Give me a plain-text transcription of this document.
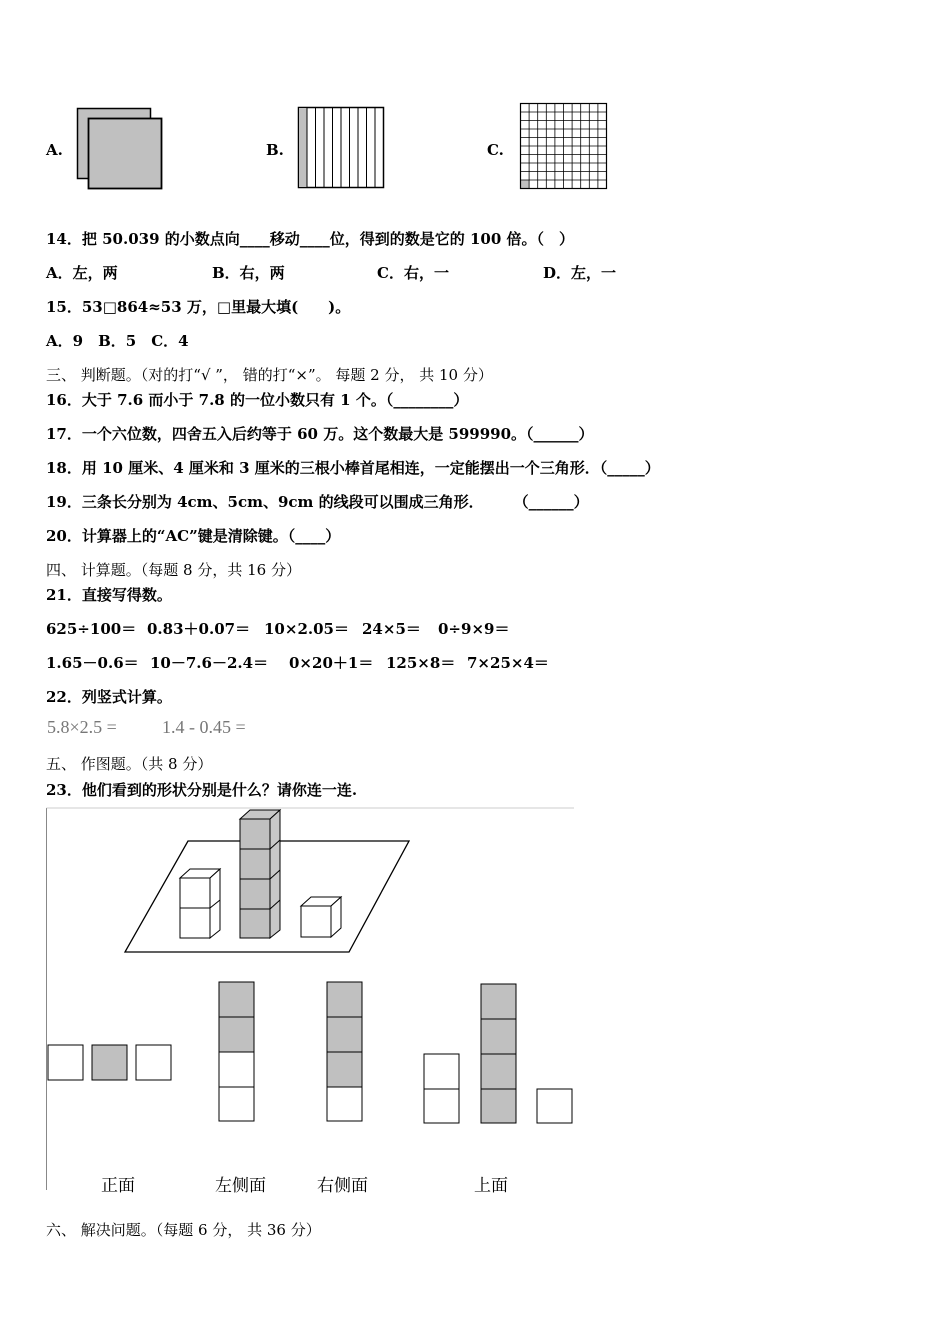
A.	B.	C.
14．把 50.039 的小数点向____移动____位，得到的数是它的 100 倍。（　）
A．左，两	B．右，两	C．右，一	D．左，一
15．53□864≈53 万，□里最大填(　　)。
A．9　B．5　C．4
三、 判断题。（对的打“√ ”， 错的打“×”。 每题 2 分， 共 10 分）
16．大于 7.6 而小于 7.8 的一位小数只有 1 个。（________）
17．一个六位数，四舍五入后约等于 60 万。这个数最大是 599990。（______）
18．用 10 厘米、4 厘米和 3 厘米的三根小棒首尾相连，一定能摆出一个三角形．（_____）
19．三条长分别为 4cm、5cm、9cm 的线段可以围成三角形．　　　（______）
20．计算器上的“AC”键是清除键。（____）
四、 计算题。（每题 8 分，共 16 分）
21．直接写得数。
625÷100＝ 0.83＋0.07＝ 10×2.05＝ 24×5＝ 0÷9×9＝
1.65－0.6＝ 10－7.6－2.4＝ 0×20＋1＝ 125×8＝ 7×25×4＝
22．列竖式计算。
5.8×2.5 =	1.4 - 0.45 =
五、 作图题。（共 8 分）
23．他们看到的形状分别是什么？请你连一连.
正面	左侧面	右侧面	上面
六、 解决问题。（每题 6 分， 共 36 分）
